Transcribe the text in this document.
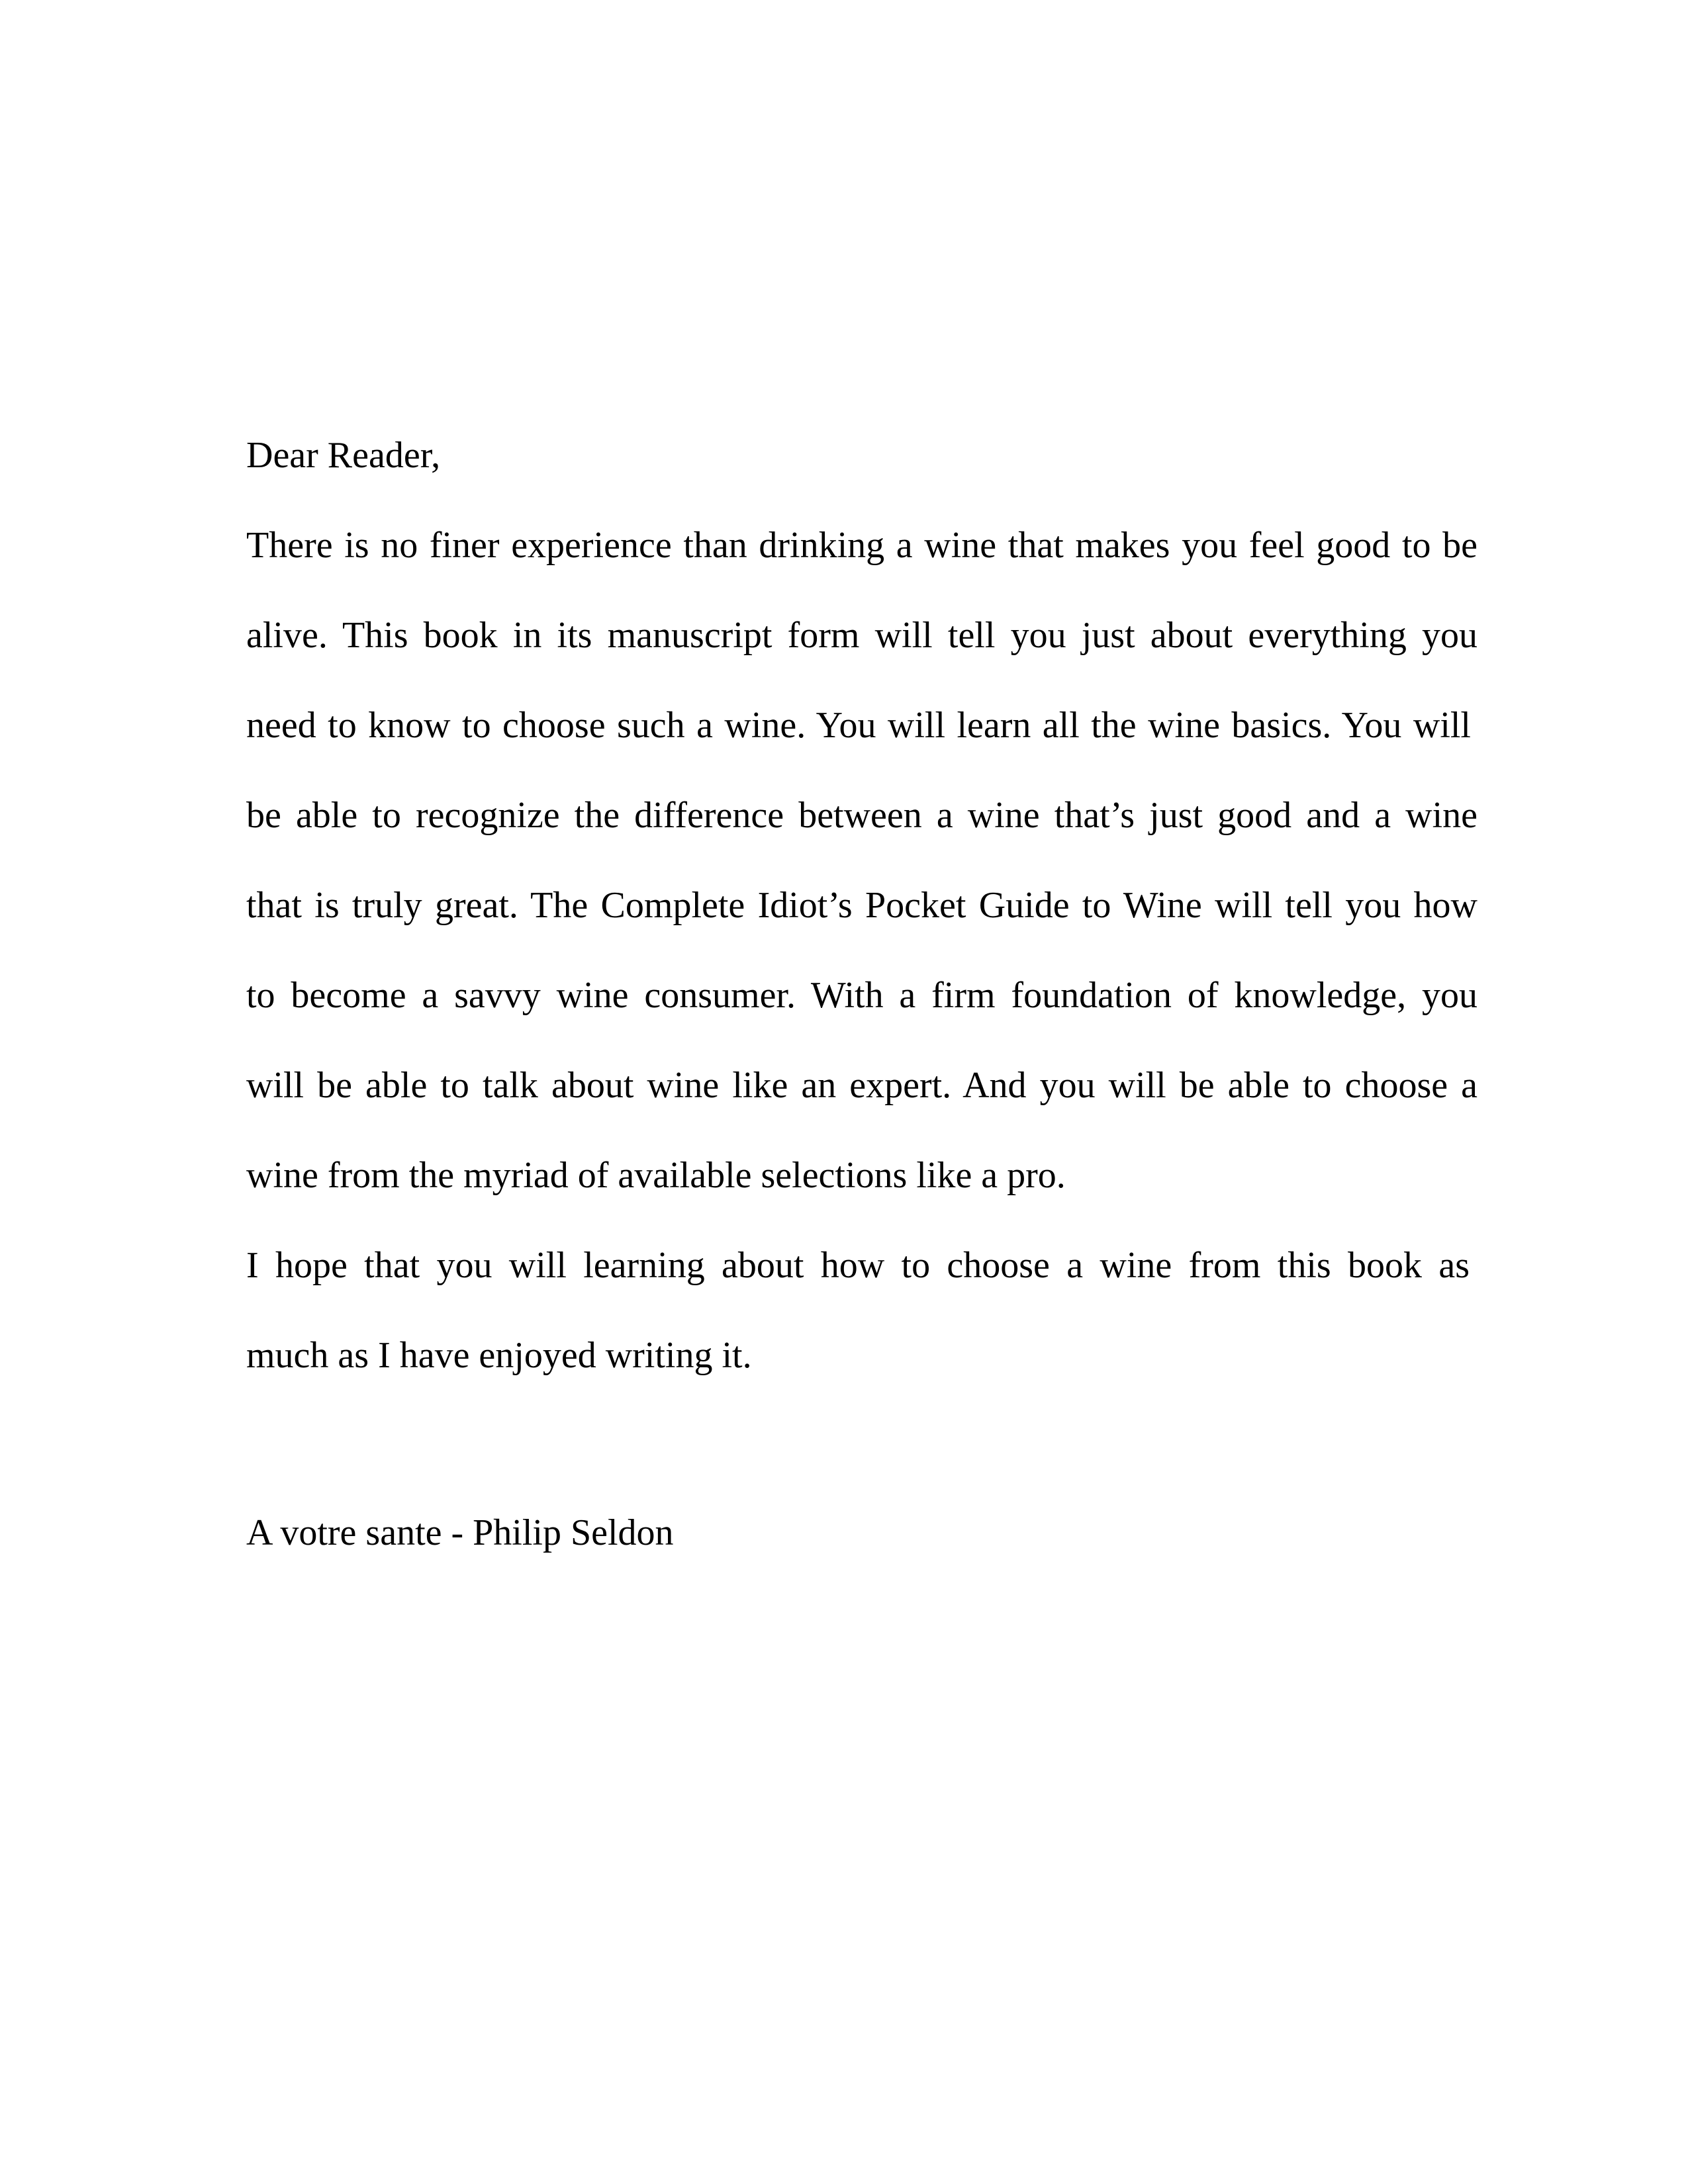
Dear Reader,
There is no finer experience than drinking a wine that makes you feel good to be
alive. This book in its manuscript form will tell you just about everything you
need to know to choose such a wine. You will learn all the wine basics. You will
be able to recognize the difference between a wine that’s just good and a wine
that is truly great. The Complete Idiot’s Pocket Guide to Wine will tell you how
to become a savvy wine consumer. With a firm foundation of knowledge, you
will be able to talk about wine like an expert. And you will be able to choose a
wine from the myriad of available selections like a pro.
I hope that you will learning about how to choose a wine from this book as
much as I have enjoyed writing it.
A votre sante - Philip Seldon
